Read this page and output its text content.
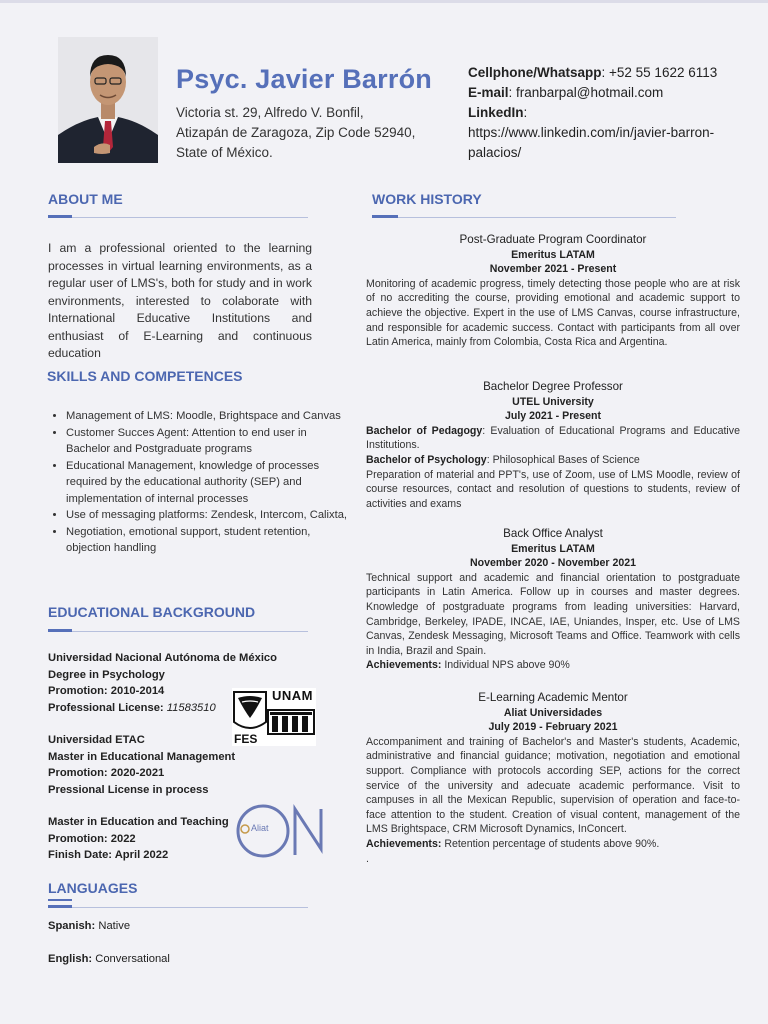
Psyc. Javier Barrón
Victoria st. 29, Alfredo V. Bonfil,
Atizapán de Zaragoza, Zip Code 52940,
State of México.
Cellphone/Whatsapp: +52 55 1622 6113
E-mail: franbarpal@hotmail.com
LinkedIn:
https://www.linkedin.com/in/javier-barron-
palacios/
ABOUT ME
I am a professional oriented to the learning processes in virtual learning environments, as a regular user of LMS's, both for study and in work environments, interested to colaborate with International Educative Institutions and enthusiast of E-Learning and continuous education
SKILLS AND COMPETENCES
• Management of LMS: Moodle, Brightspace and Canvas
• Customer Succes Agent: Attention to end user in Bachelor and Postgraduate programs
• Educational Management, knowledge of processes required by the educational authority (SEP) and implementation of internal processes
• Use of messaging platforms: Zendesk, Intercom, Calixta,
• Negotiation, emotional support, student retention, objection handling
EDUCATIONAL BACKGROUND
Universidad Nacional Autónoma de México
Degree in Psychology
Promotion: 2010-2014
Professional License: 11583510
UNAM
FES
Universidad ETAC
Master in Educational Management
Promotion: 2020-2021
Pressional License in process
Master in Education and Teaching
Promotion: 2022
Finish Date: April 2022
Aliat
LANGUAGES
Spanish: Native
English: Conversational
WORK HISTORY
Post-Graduate Program Coordinator
Emeritus LATAM
November 2021 - Present

Monitoring of academic progress, timely detecting those people who are at risk of no accrediting the course, providing emotional and academic support to achieve the objective. Expert in the use of LMS Canvas, course infrastructure, and responsible for academic success. Contact with participants from all over Latin America, mainly from Colombia, Costa Rica and Argentina.

Bachelor Degree Professor
UTEL University
July 2021 - Present

Bachelor of Pedagogy: Evaluation of Educational Programs and Educative Institutions.

Bachelor of Psychology: Philosophical Bases of Science

Preparation of material and PPT's, use of Zoom, use of LMS Moodle, review of course resources, contact and resolution of questions to students, review of activities and exams

Back Office Analyst
Emeritus LATAM
November 2020 - November 2021

Technical support and academic and financial orientation to postgraduate participants in Latin America. Follow up in courses and master degrees. Knowledge of postgraduate programs from leading universities: Harvard, Cambridge, Berkeley, IPADE, INCAE, IAE, Uniandes, Insper, etc. Use of LMS Canvas, Zendesk Messaging, Microsoft Teams and Office. Teamwork with cells in India, Brazil and Spain.

Achievements: Individual NPS above 90%

E-Learning Academic Mentor
Aliat Universidades
July 2019 - February 2021

Accompaniment and training of Bachelor's and Master's students, Academic, administrative and financial guidance; motivation, negotiation and emotional support. Compliance with protocols according SEP, actions for the correct service of the university and adecuate academic performance. Visit to campuses in all the Mexican Republic, supervision of operation and face-to-face attention to the student. Creation of visual content, management of the LMS Brightspace, CRM Microsoft Dynamics, InConcert.

Achievements: Retention percentage of students above 90%.

.
